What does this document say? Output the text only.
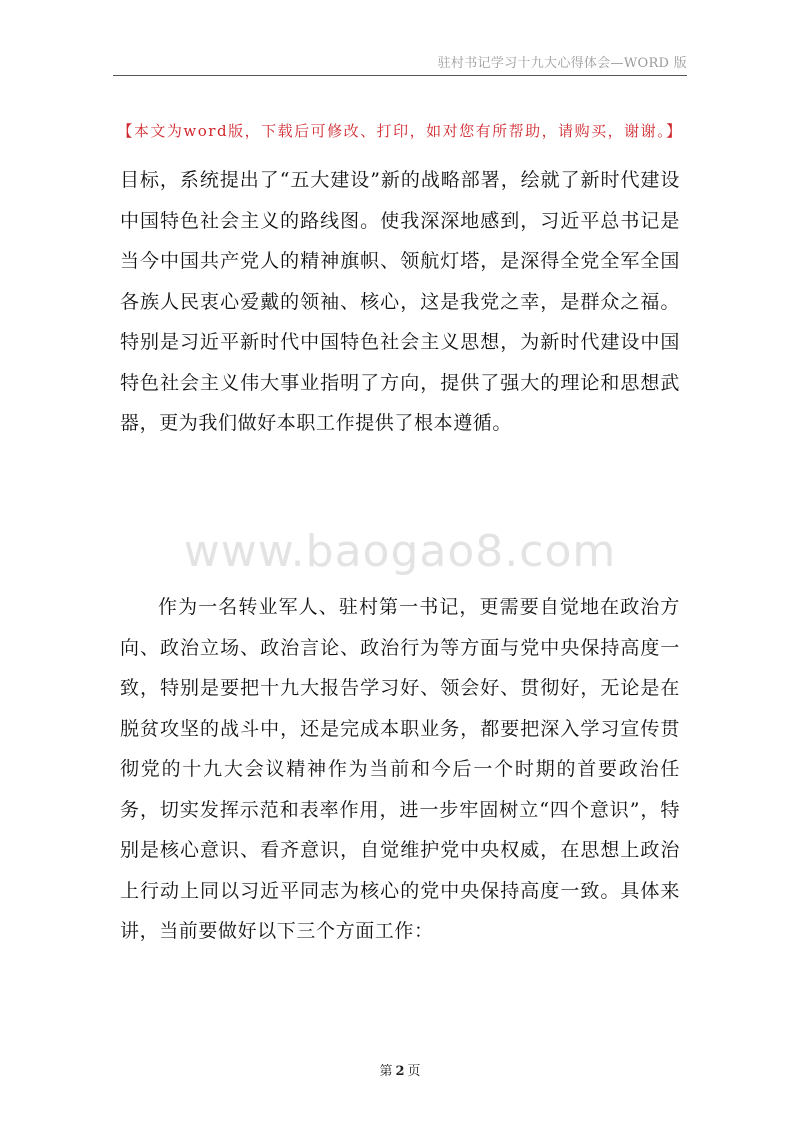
驻村书记学习十九大心得体会—WORD 版
【本文为word版，下载后可修改、打印，如对您有所帮助，请购买，谢谢。】

目标，系统提出了“五大建设”新的战略部署，绘就了新时代建设中国特色社会主义的路线图。使我深深地感到，习近平总书记是当今中国共产党人的精神旗帜、领航灯塔，是深得全党全军全国各族人民衷心爱戴的领袖、核心，这是我党之幸，是群众之福。特别是习近平新时代中国特色社会主义思想，为新时代建设中国特色社会主义伟大事业指明了方向，提供了强大的理论和思想武器，更为我们做好本职工作提供了根本遵循。

www.baogao8.com

作为一名转业军人、驻村第一书记，更需要自觉地在政治方向、政治立场、政治言论、政治行为等方面与党中央保持高度一致，特别是要把十九大报告学习好、领会好、贯彻好，无论是在脱贫攻坚的战斗中，还是完成本职业务，都要把深入学习宣传贯彻党的十九大会议精神作为当前和今后一个时期的首要政治任务，切实发挥示范和表率作用，进一步牢固树立“四个意识”，特别是核心意识、看齐意识，自觉维护党中央权威，在思想上政治上行动上同以习近平同志为核心的党中央保持高度一致。具体来讲，当前要做好以下三个方面工作：

第 2 页
